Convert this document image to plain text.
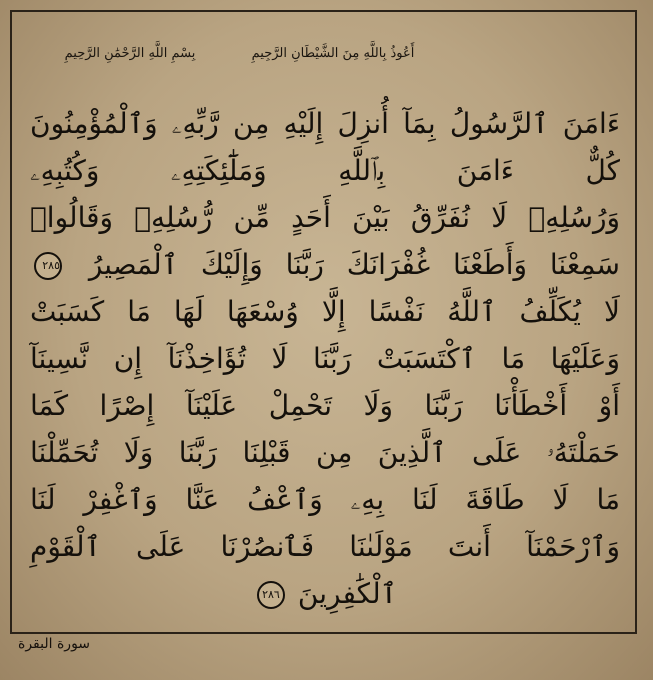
أَعُوذُ بِاللَّهِ مِنَ الشَّيْطَانِ الرَّجِيمِ
بِسْمِ اللَّهِ الرَّحْمَٰنِ الرَّحِيمِ
ءَامَنَ ٱلرَّسُولُ بِمَآ أُنزِلَ إِلَيْهِ مِن رَّبِّهِۦ وَٱلْمُؤْمِنُونَ
كُلٌّ ءَامَنَ بِٱللَّهِ وَمَلَٰٓئِكَتِهِۦ وَكُتُبِهِۦ
وَرُسُلِهِۦ لَا نُفَرِّقُ بَيْنَ أَحَدٍ مِّن رُّسُلِهِۦ وَقَالُوا۟
سَمِعْنَا وَأَطَعْنَا غُفْرَانَكَ رَبَّنَا وَإِلَيْكَ ٱلْمَصِيرُ ٢٨٥
لَا يُكَلِّفُ ٱللَّهُ نَفْسًا إِلَّا وُسْعَهَا لَهَا مَا كَسَبَتْ
وَعَلَيْهَا مَا ٱكْتَسَبَتْ رَبَّنَا لَا تُؤَاخِذْنَآ إِن نَّسِينَآ
أَوْ أَخْطَأْنَا رَبَّنَا وَلَا تَحْمِلْ عَلَيْنَآ إِصْرًا كَمَا
حَمَلْتَهُۥ عَلَى ٱلَّذِينَ مِن قَبْلِنَا رَبَّنَا وَلَا تُحَمِّلْنَا
مَا لَا طَاقَةَ لَنَا بِهِۦ وَٱعْفُ عَنَّا وَٱغْفِرْ لَنَا
وَٱرْحَمْنَآ أَنتَ مَوْلَىٰنَا فَٱنصُرْنَا عَلَى ٱلْقَوْمِ
ٱلْكَٰفِرِينَ ٢٨٦
سورة البقرة
